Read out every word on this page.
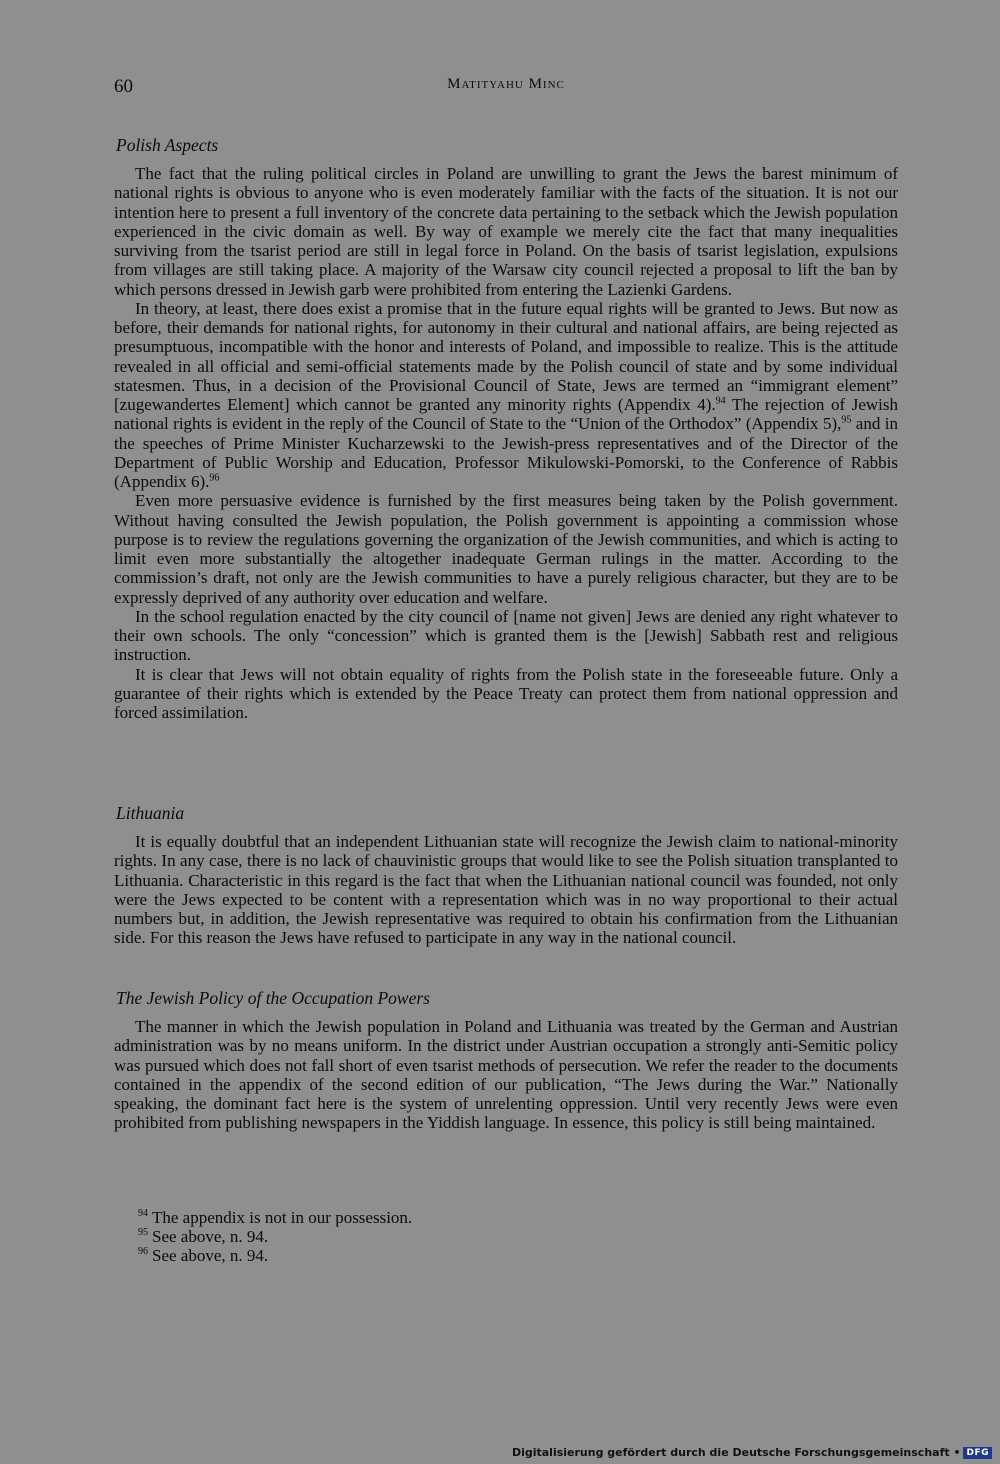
60	Matityahu Minc
Polish Aspects

The fact that the ruling political circles in Poland are unwilling to grant the Jews the barest minimum of national rights is obvious to anyone who is even moderately familiar with the facts of the situation. It is not our intention here to present a full inventory of the concrete data pertaining to the setback which the Jewish population experienced in the civic domain as well. By way of example we merely cite the fact that many inequalities surviving from the tsarist period are still in legal force in Poland. On the basis of tsarist legislation, expulsions from villages are still taking place. A majority of the Warsaw city council rejected a proposal to lift the ban by which persons dressed in Jewish garb were prohibited from entering the Lazienki Gardens.

In theory, at least, there does exist a promise that in the future equal rights will be granted to Jews. But now as before, their demands for national rights, for autonomy in their cultural and national affairs, are being rejected as presumptuous, incompatible with the honor and interests of Poland, and impossible to realize. This is the attitude revealed in all official and semi-official statements made by the Polish council of state and by some individual statesmen. Thus, in a decision of the Provisional Council of State, Jews are termed an “immigrant element” [zugewandertes Element] which cannot be granted any minority rights (Appendix 4).$^{94}$ The rejection of Jewish national rights is evident in the reply of the Council of State to the “Union of the Orthodox” (Appendix 5),$^{95}$ and in the speeches of Prime Minister Kucharzewski to the Jewish-press representatives and of the Director of the Department of Public Worship and Education, Professor Mikulowski-Pomorski, to the Conference of Rabbis (Appendix 6).$^{96}$

Even more persuasive evidence is furnished by the first measures being taken by the Polish government. Without having consulted the Jewish population, the Polish government is appointing a commission whose purpose is to review the regulations governing the organization of the Jewish communities, and which is acting to limit even more substantially the altogether inadequate German rulings in the matter. According to the commission’s draft, not only are the Jewish communities to have a purely religious character, but they are to be expressly deprived of any authority over education and welfare.

In the school regulation enacted by the city council of [name not given] Jews are denied any right whatever to their own schools. The only “concession” which is granted them is the [Jewish] Sabbath rest and religious instruction.

It is clear that Jews will not obtain equality of rights from the Polish state in the foreseeable future. Only a guarantee of their rights which is extended by the Peace Treaty can protect them from national oppression and forced assimilation.

Lithuania

It is equally doubtful that an independent Lithuanian state will recognize the Jewish claim to national-minority rights. In any case, there is no lack of chauvinistic groups that would like to see the Polish situation transplanted to Lithuania. Characteristic in this regard is the fact that when the Lithuanian national council was founded, not only were the Jews expected to be content with a representation which was in no way proportional to their actual numbers but, in addition, the Jewish representative was required to obtain his confirmation from the Lithuanian side. For this reason the Jews have refused to participate in any way in the national council.

The Jewish Policy of the Occupation Powers

The manner in which the Jewish population in Poland and Lithuania was treated by the German and Austrian administration was by no means uniform. In the district under Austrian occupation a strongly anti-Semitic policy was pursued which does not fall short of even tsarist methods of persecution. We refer the reader to the documents contained in the appendix of the second edition of our publication, “The Jews during the War.” Nationally speaking, the dominant fact here is the system of unrelenting oppression. Until very recently Jews were even prohibited from publishing newspapers in the Yiddish language. In essence, this policy is still being maintained.

$^{94}$ The appendix is not in our possession.
$^{95}$ See above, n. 94.
$^{96}$ See above, n. 94.
Digitalisierung gefördert durch die Deutsche Forschungsgemeinschaft • DFG
